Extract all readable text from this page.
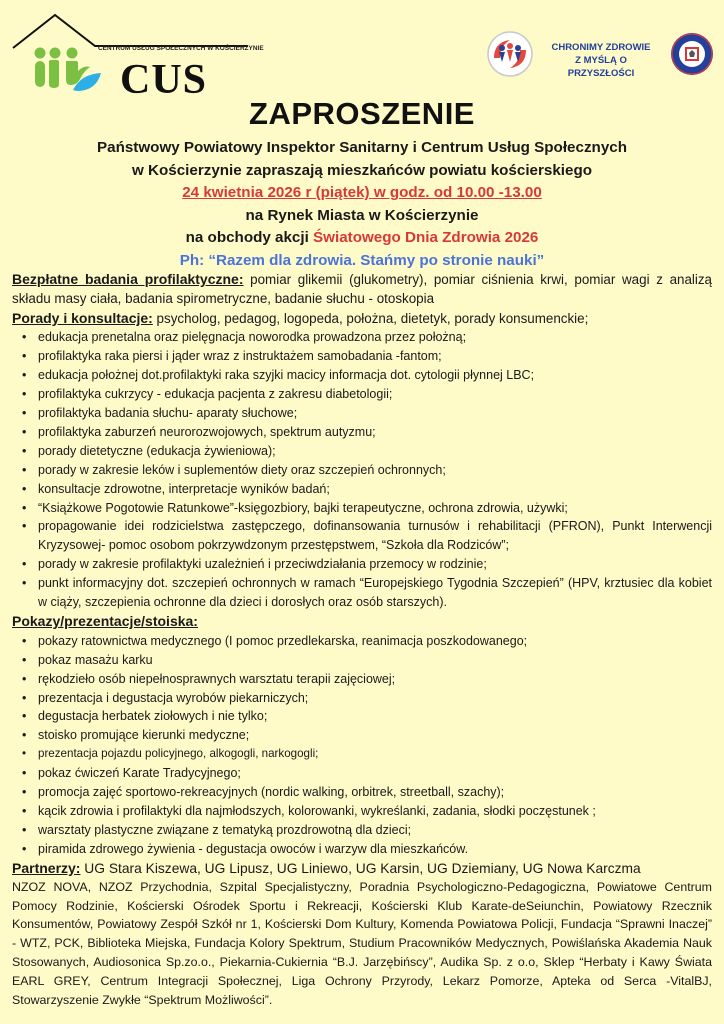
CENTRUM USŁUG SPOŁECZNYCH W KOŚCIERZYNIE
CUS
CHRONIMY ZDROWIE
Z MYŚLĄ O PRZYSZŁOŚCI
ZAPROSZENIE
Państwowy Powiatowy Inspektor Sanitarny i Centrum Usług Społecznych
w Kościerzynie zapraszają mieszkańców powiatu kościerskiego
24 kwietnia 2026 r (piątek) w godz. od 10.00 -13.00
na Rynek Miasta w Kościerzynie
na obchody akcji Światowego Dnia Zdrowia 2026
Ph: “Razem dla zdrowia. Stańmy po stronie nauki”

Bezpłatne badania profilaktyczne: pomiar glikemii (glukometry), pomiar ciśnienia krwi, pomiar wagi z analizą składu masy ciała, badania spirometryczne, badanie słuchu - otoskopia

Porady i konsultacje: psycholog, pedagog, logopeda, położna, dietetyk, porady konsumenckie;

• edukacja prenetalna oraz pielęgnacja noworodka prowadzona przez położną;
• profilaktyka raka piersi i jąder wraz z instruktażem samobadania -fantom;
• edukacja położnej dot.profilaktyki raka szyjki macicy informacja dot. cytologii płynnej LBC;
• profilaktyka cukrzycy - edukacja pacjenta z zakresu diabetologii;
• profilaktyka badania słuchu- aparaty słuchowe;
• profilaktyka zaburzeń neurorozwojowych, spektrum autyzmu;
• porady dietetyczne (edukacja żywieniowa);
• porady w zakresie leków i suplementów diety oraz szczepień ochronnych;
• konsultacje zdrowotne, interpretacje wyników badań;
• “Książkowe Pogotowie Ratunkowe”-księgozbiory, bajki terapeutyczne, ochrona zdrowia, używki;
• propagowanie idei rodzicielstwa zastępczego, dofinansowania turnusów i rehabilitacji (PFRON), Punkt Interwencji Kryzysowej- pomoc osobom pokrzywdzonym przestępstwem, “Szkoła dla Rodziców”;
• porady w zakresie profilaktyki uzależnień i przeciwdziałania przemocy w rodzinie;
• punkt informacyjny dot. szczepień ochronnych w ramach “Europejskiego Tygodnia Szczepień” (HPV, krztusiec dla kobiet w ciąży, szczepienia ochronne dla dzieci i dorosłych oraz osób starszych).

Pokazy/prezentacje/stoiska:

• pokazy ratownictwa medycznego (I pomoc przedlekarska, reanimacja poszkodowanego;
• pokaz masażu karku
• rękodzieło osób niepełnosprawnych warsztatu terapii zajęciowej;
• prezentacja i degustacja wyrobów piekarniczych;
• degustacja herbatek ziołowych i nie tylko;
• stoisko promujące kierunki medyczne;
• prezentacja pojazdu policyjnego, alkogogli, narkogogli;
• pokaz ćwiczeń Karate Tradycyjnego;
• promocja zajęć sportowo-rekreacyjnych (nordic walking, orbitrek, streetball, szachy);
• kącik zdrowia i profilaktyki dla najmłodszych, kolorowanki, wykreślanki, zadania, słodki poczęstunek ;
• warsztaty plastyczne związane z tematyką prozdrowotną dla dzieci;
• piramida zdrowego żywienia - degustacja owoców i warzyw dla mieszkańców.

Partnerzy: UG Stara Kiszewa, UG Lipusz, UG Liniewo, UG Karsin, UG Dziemiany, UG Nowa Karczma

NZOZ NOVA, NZOZ Przychodnia, Szpital Specjalistyczny, Poradnia Psychologiczno-Pedagogiczna, Powiatowe Centrum Pomocy Rodzinie, Kościerski Ośrodek Sportu i Rekreacji, Kościerski Klub Karate-deSeiunchin, Powiatowy Rzecznik Konsumentów, Powiatowy Zespół Szkół nr 1, Kościerski Dom Kultury, Komenda Powiatowa Policji, Fundacja “Sprawni Inaczej” - WTZ, PCK, Biblioteka Miejska, Fundacja Kolory Spektrum, Studium Pracowników Medycznych, Powiślańska Akademia Nauk Stosowanych, Audiosonica Sp.zo.o., Piekarnia-Cukiernia “B.J. Jarzębińscy”, Audika Sp. z o.o, Sklep “Herbaty i Kawy Świata EARL GREY, Centrum Integracji Społecznej, Liga Ochrony Przyrody, Lekarz Pomorze, Apteka od Serca -VitalBJ, Stowarzyszenie Zwykłe “Spektrum Możliwości”.
